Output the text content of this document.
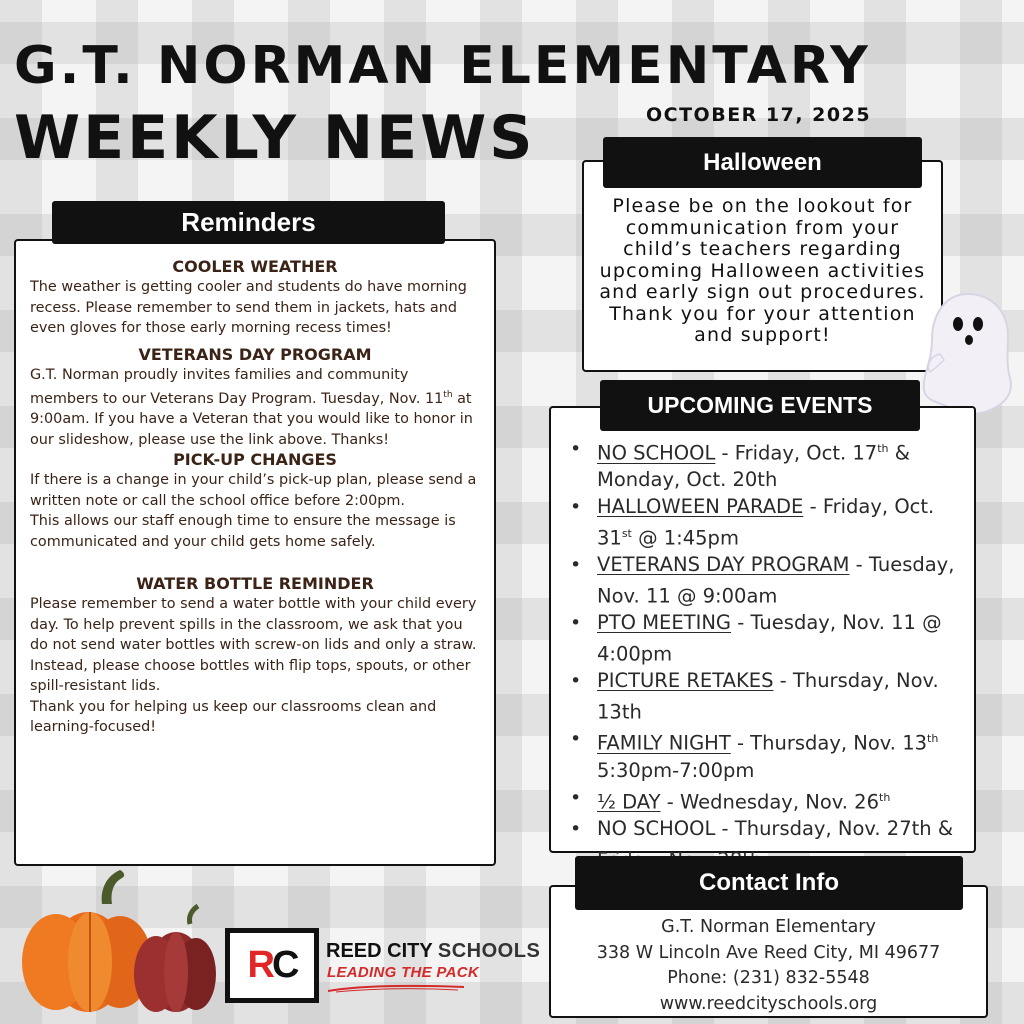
G.T. NORMAN ELEMENTARY
WEEKLY NEWS	OCTOBER 17, 2025
COOLER WEATHER
The weather is getting cooler and students do have morning recess. Please remember to send them in jackets, hats and even gloves for those early morning recess times!
VETERANS DAY PROGRAM
G.T. Norman proudly invites families and community members to our Veterans Day Program. Tuesday, Nov. 11th at 9:00am. If you have a Veteran that you would like to honor in our slideshow, please use the link above. Thanks!
PICK-UP CHANGES
If there is a change in your child’s pick-up plan, please send a written note or call the school office before 2:00pm.
This allows our staff enough time to ensure the message is communicated and your child gets home safely.
WATER BOTTLE REMINDER
Please remember to send a water bottle with your child every day. To help prevent spills in the classroom, we ask that you do not send water bottles with screw-on lids and only a straw. Instead, please choose bottles with flip tops, spouts, or other spill-resistant lids.
Thank you for helping us keep our classrooms clean and learning-focused!
Reminders
Please be on the lookout for communication from your child’s teachers regarding upcoming Halloween activities and early sign out procedures.
Thank you for your attention and support!
Halloween
• NO SCHOOL - Friday, Oct. 17th & Monday, Oct. 20th
• HALLOWEEN PARADE - Friday, Oct. 31st @ 1:45pm
• VETERANS DAY PROGRAM - Tuesday, Nov. 11 @ 9:00am
• PTO MEETING - Tuesday, Nov. 11 @ 4:00pm
• PICTURE RETAKES - Thursday, Nov. 13th
• FAMILY NIGHT - Thursday, Nov. 13th 5:30pm-7:00pm
• ½ DAY - Wednesday, Nov. 26th
• NO SCHOOL - Thursday, Nov. 27th &
UPCOMING EVENTS
G.T. Norman Elementary
338 W Lincoln Ave Reed City, MI 49677
Phone: (231) 832-5548
www.reedcityschools.org
Contact Info
RC REED CITY SCHOOLS
LEADING THE PACK
